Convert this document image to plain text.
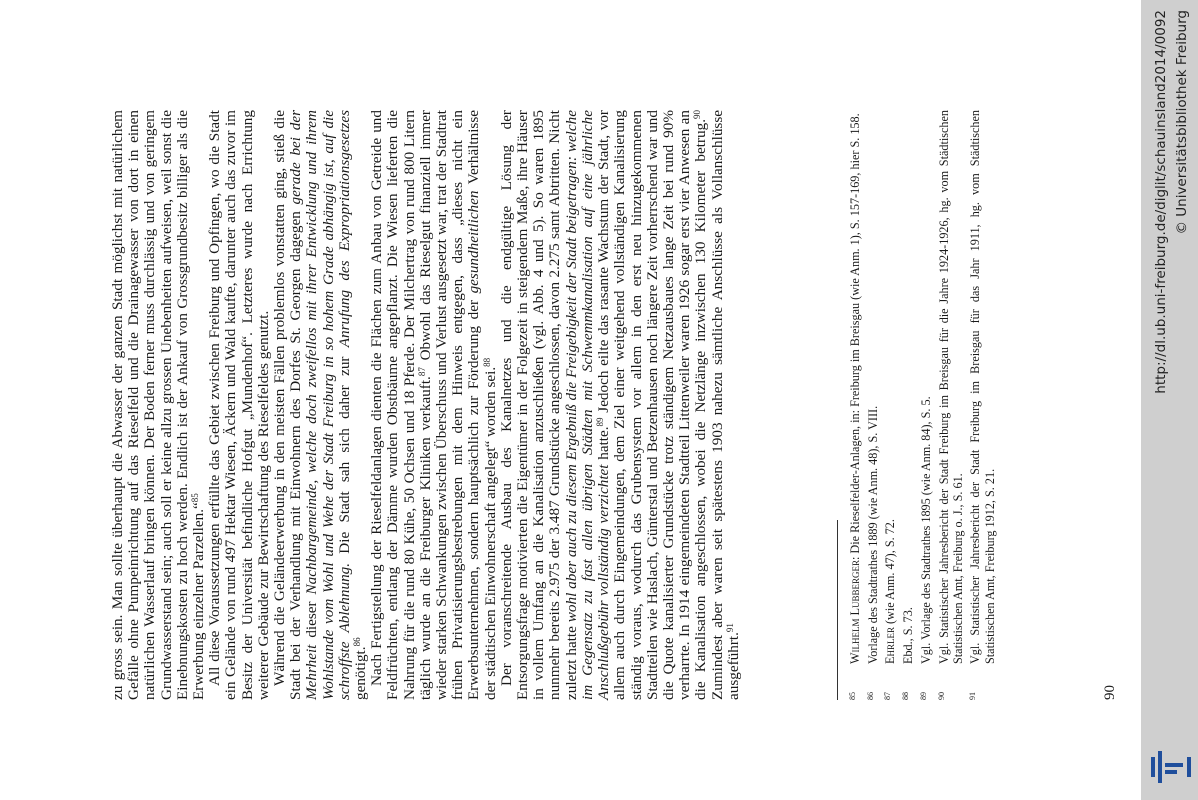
zu gross sein. Man sollte überhaupt die Abwasser der ganzen Stadt möglichst mit natürlichem Gefälle ohne Pumpeinrichtung auf das Rieselfeld und die Drainagewasser von dort in einen natürlichen Wasserlauf bringen können. Der Boden ferner muss durchlässig und von geringem Grundwasserstand sein; auch soll er keine allzu grossen Unebenheiten aufweisen, weil sonst die Einebnungskosten zu hoch werden. Endlich ist der Ankauf von Grossgrundbesitz billiger als die Erwerbung einzelner Parzellen.“$^{85}$ All diese Voraussetzungen erfüllte das Gebiet zwischen Freiburg und Opfingen, wo die Stadt ein Gelände von rund 497 Hektar Wiesen, Äckern und Wald kaufte, darunter auch das zuvor im Besitz der Universität befindliche Hofgut „Mundenhof“. Letzteres wurde nach Errichtung weiterer Gebäude zur Bewirtschaftung des Rieselfeldes genutzt. Während die Geländeerwerbung in den meisten Fällen problemlos vonstatten ging, stieß die Stadt bei der Verhandlung mit Einwohnern des Dorfes St. Georgen dagegen gerade bei der Mehrheit dieser Nachbargemeinde, welche doch zweifellos mit ihrer Entwicklung und ihrem Wohlstande vom Wohl und Wehe der Stadt Freiburg in so hohem Grade abhängig ist, auf die schroffste Ablehnung. Die Stadt sah sich daher zur Anrufung des Expropriationsgesetzes genötigt.$^{86}$ Nach Fertigstellung der Rieselfeldanlagen dienten die Flächen zum Anbau von Getreide und Feldfrüchten, entlang der Dämme wurden Obstbäume angepflanzt. Die Wiesen lieferten die Nahrung für die rund 80 Kühe, 50 Ochsen und 18 Pferde. Der Milchertrag von rund 800 Litern täglich wurde an die Freiburger Kliniken verkauft.$^{87}$ Obwohl das Rieselgut finanziell immer wieder starken Schwankungen zwischen Überschuss und Verlust ausgesetzt war, trat der Stadtrat frühen Privatisierungsbestrebungen mit dem Hinweis entgegen, dass „dieses nicht ein Erwerbsunternehmen, sondern hauptsächlich zur Förderung der gesundheitlichen Verhältnisse der städtischen Einwohnerschaft angelegt“ worden sei.$^{88}$ Der voranschreitende Ausbau des Kanalnetzes und die endgültige Lösung der Entsorgungsfrage motivierten die Eigentümer in der Folgezeit in steigendem Maße, ihre Häuser in vollem Umfang an die Kanalisation anzuschließen (vgl. Abb. 4 und 5). So waren 1895 nunmehr bereits 2.975 der 3.487 Grundstücke angeschlossen, davon 2.275 samt Abtritten. Nicht zuletzt hatte wohl aber auch zu diesem Ergebniß die Freigebigkeit der Stadt beigetragen: welche im Gegensatz zu fast allen übrigen Städten mit Schwemmkanalisation auf eine jährliche Anschlußgebühr vollständig verzichtet hatte.$^{89}$ Jedoch eilte das rasante Wachstum der Stadt, vor allem auch durch Eingemeindungen, dem Ziel einer weitgehend vollständigen Kanalisierung ständig voraus, wodurch das Grubensystem vor allem in den erst neu hinzugekommenen Stadtteilen wie Haslach, Günterstal und Betzenhausen noch längere Zeit vorherrschend war und die Quote kanalisierter Grundstücke trotz ständigem Netzausbaues lange Zeit bei rund 90% verharrte. In 1914 eingemeindeten Stadtteil Littenweiler waren 1926 sogar erst vier Anwesen an die Kanalisation angeschlossen, wobei die Netzlänge inzwischen 130 Kilometer betrug.$^{90}$ Zumindest aber waren seit spätestens 1903 nahezu sämtliche Anschlüsse als Vollanschlüsse ausgeführt.$^{91}$

85
Wilhelm Lubberger: Die Rieselfelder-Anlagen, in: Freiburg im Breisgau (wie Anm. 1), S. 157-169, hier S. 158.
86
Vorlage des Stadtrathes 1889 (wie Anm. 48), S. VIII.
87
Ehrler (wie Anm. 47), S. 72.
88
Ebd., S. 73.
89
Vgl. Vorlage des Stadtrathes 1895 (wie Anm. 84), S. 5.
90
Vgl. Statistischer Jahresbericht der Stadt Freiburg im Breisgau für die Jahre 1924-1926, hg. vom Städtischen Statistischen Amt, Freiburg o. J., S. 61.
91
Vgl. Statistischer Jahresbericht der Stadt Freiburg im Breisgau für das Jahr 1911, hg. vom Städtischen Statistischen Amt, Freiburg 1912, S. 21.
90
http://dl.ub.uni-freiburg.de/diglit/schauinsland2014/0092 © Universitätsbibliothek Freiburg
